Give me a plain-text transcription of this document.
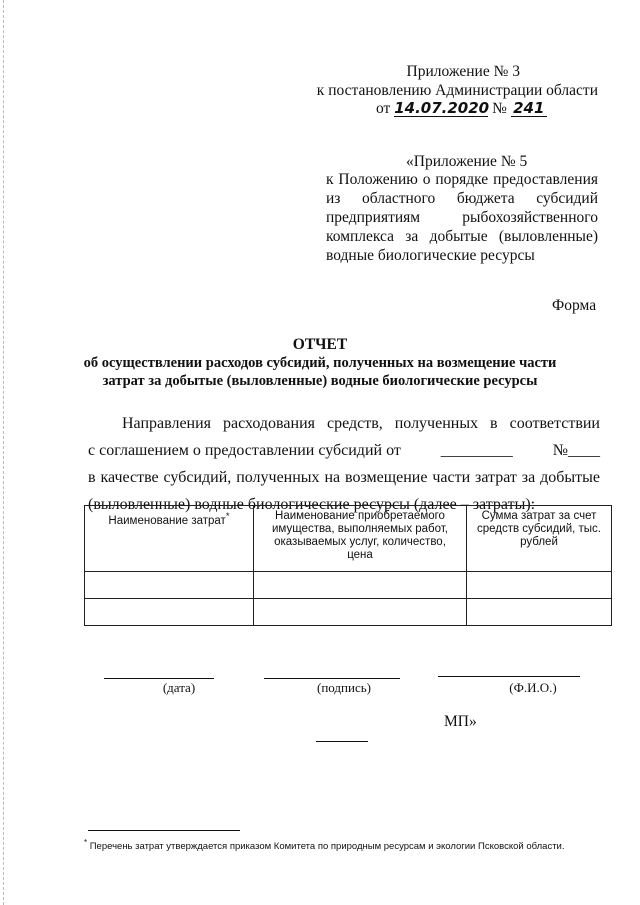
Приложение № 3
к постановлению Администрации области
от 14.07.2020 № 241
«Приложение № 5
к Положению о порядке предоставления
из областного бюджета субсидий
предприятиям рыбохозяйственного
комплекса за добытые (выловленные)
водные биологические ресурсы
Форма
ОТЧЕТ
об осуществлении расходов субсидий, полученных на возмещение части
затрат за добытые (выловленные) водные биологические ресурсы
Направления расходования средств, полученных в соответствии
с соглашением о предоставлении субсидий от _________ №____
в качестве субсидий, полученных на возмещение части затрат за добытые
(выловленные) водные биологические ресурсы (далее – затраты):
Наименование затрат*	Наименование приобретаемого имущества, выполняемых работ, оказываемых услуг, количество, цена	Сумма затрат за счет средств субсидий, тыс. рублей

(дата)	(подпись)	(Ф.И.О.)
МП»
* Перечень затрат утверждается приказом Комитета по природным ресурсам и экологии Псковской области.
